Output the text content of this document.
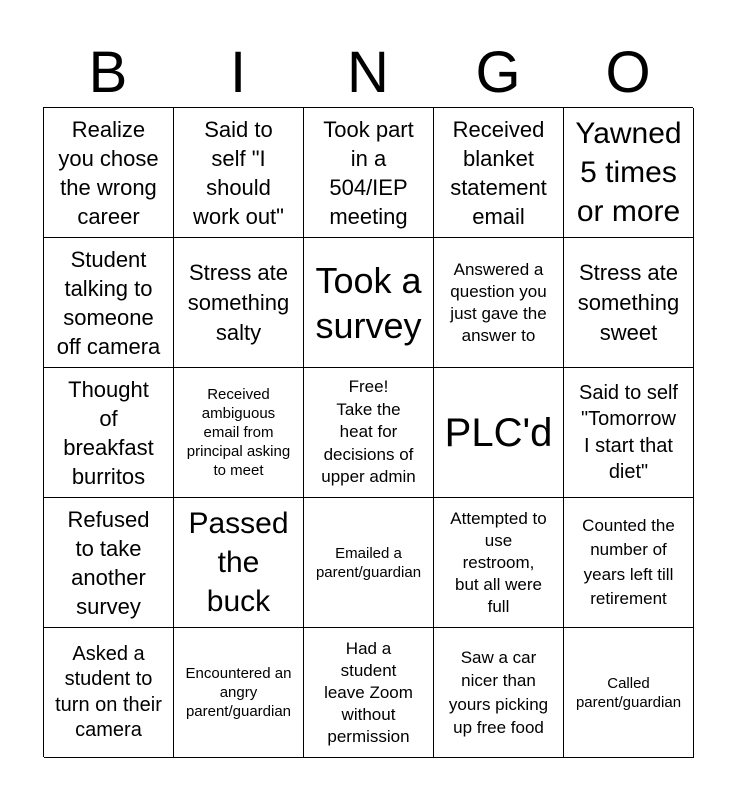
B	I	N	G	O
Realize
you chose
the wrong
career
Said to
self "I
should
work out"
Took part
in a
504/IEP
meeting
Received
blanket
statement
email
Yawned
5 times
or more
Student
talking to
someone
off camera
Stress ate
something
salty
Took a
survey
Answered a
question you
just gave the
answer to
Stress ate
something
sweet
Thought
of
breakfast
burritos
Received
ambiguous
email from
principal asking
to meet
Free!
Take the
heat for
decisions of
upper admin
PLC'd
Said to self
"Tomorrow
I start that
diet"
Refused
to take
another
survey
Passed
the
buck
Emailed a
parent/guardian
Attempted to
use
restroom,
but all were
full
Counted the
number of
years left till
retirement
Asked a
student to
turn on their
camera
Encountered an
angry
parent/guardian
Had a
student
leave Zoom
without
permission
Saw a car
nicer than
yours picking
up free food
Called
parent/guardian
